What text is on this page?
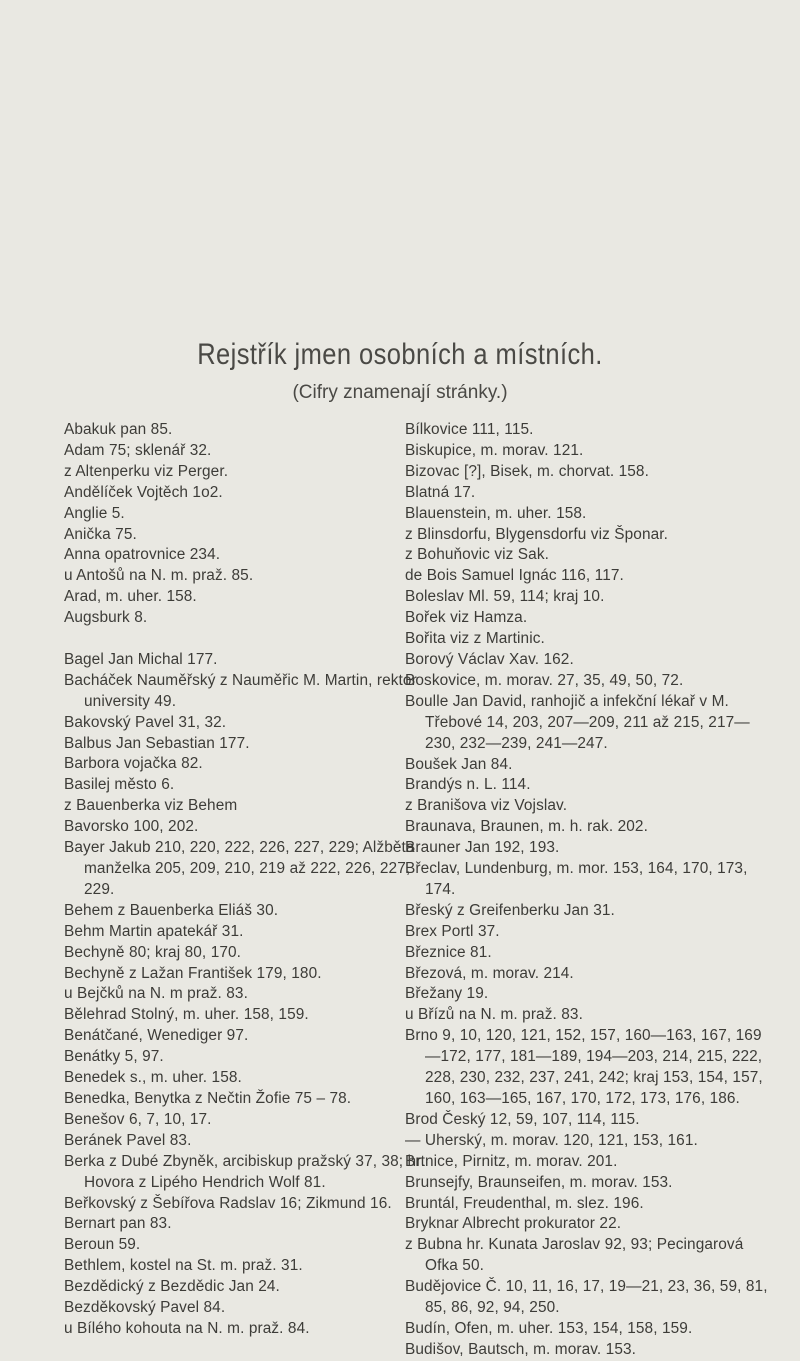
Rejstřík jmen osobních a místních.

(Cifry znamenají stránky.)

Abakuk pan 85.

Adam 75; sklenář 32.

z Altenperku viz Perger.

Andělíček Vojtěch 1o2.

Anglie 5.

Anička 75.

Anna opatrovnice 234.

u Antošů na N. m. praž. 85.

Arad, m. uher. 158.

Augsburk 8.

Bagel Jan Michal 177.

Bacháček Nauměřský z Nauměřic M. Martin, rektor university 49.

Bakovský Pavel 31, 32.

Balbus Jan Sebastian 177.

Barbora vojačka 82.

Basilej město 6.

z Bauenberka viz Behem

Bavorsko 100, 202.

Bayer Jakub 210, 220, 222, 226, 227, 229; Alžběta manželka 205, 209, 210, 219 až 222, 226, 227, 229.

Behem z Bauenberka Eliáš 30.

Behm Martin apatekář 31.

Bechyně 80; kraj 80, 170.

Bechyně z Lažan František 179, 180.

u Bejčků na N. m praž. 83.

Bělehrad Stolný, m. uher. 158, 159.

Benátčané, Wenediger 97.

Benátky 5, 97.

Benedek s., m. uher. 158.

Benedka, Benytka z Nečtin Žofie 75 – 78.

Benešov 6, 7, 10, 17.

Beránek Pavel 83.

Berka z Dubé Zbyněk, arcibiskup pražský 37, 38; hr. Hovora z Lipého Hendrich Wolf 81.

Beřkovský z Šebířova Radslav 16; Zikmund 16.

Bernart pan 83.

Beroun 59.

Bethlem, kostel na St. m. praž. 31.

Bezdědický z Bezdědic Jan 24.

Bezděkovský Pavel 84.

u Bílého kohouta na N. m. praž. 84.

Bílkovice 111, 115.

Biskupice, m. morav. 121.

Bizovac [?], Bisek, m. chorvat. 158.

Blatná 17.

Blauenstein, m. uher. 158.

z Blinsdorfu, Blygensdorfu viz Šponar.

z Bohuňovic viz Sak.

de Bois Samuel Ignác 116, 117.

Boleslav Ml. 59, 114; kraj 10.

Bořek viz Hamza.

Bořita viz z Martinic.

Borový Václav Xav. 162.

Boskovice, m. morav. 27, 35, 49, 50, 72.

Boulle Jan David, ranhojič a infekční lékař v M. Třebové 14, 203, 207—209, 211 až 215, 217—230, 232—239, 241—247.

Boušek Jan 84.

Brandýs n. L. 114.

z Branišova viz Vojslav.

Braunava, Braunen, m. h. rak. 202.

Brauner Jan 192, 193.

Břeclav, Lundenburg, m. mor. 153, 164, 170, 173, 174.

Břeský z Greifenberku Jan 31.

Brex Portl 37.

Březnice 81.

Březová, m. morav. 214.

Břežany 19.

u Břízů na N. m. praž. 83.

Brno 9, 10, 120, 121, 152, 157, 160—163, 167, 169—172, 177, 181—189, 194—203, 214, 215, 222, 228, 230, 232, 237, 241, 242; kraj 153, 154, 157, 160, 163—165, 167, 170, 172, 173, 176, 186.

Brod Český 12, 59, 107, 114, 115.

— Uherský, m. morav. 120, 121, 153, 161.

Brtnice, Pirnitz, m. morav. 201.

Brunsejfy, Braunseifen, m. morav. 153.

Bruntál, Freudenthal, m. slez. 196.

Bryknar Albrecht prokurator 22.

z Bubna hr. Kunata Jaroslav 92, 93; Pecingarová Ofka 50.

Budějovice Č. 10, 11, 16, 17, 19—21, 23, 36, 59, 81, 85, 86, 92, 94, 250.

Budín, Ofen, m. uher. 153, 154, 158, 159.

Budišov, Bautsch, m. morav. 153.
